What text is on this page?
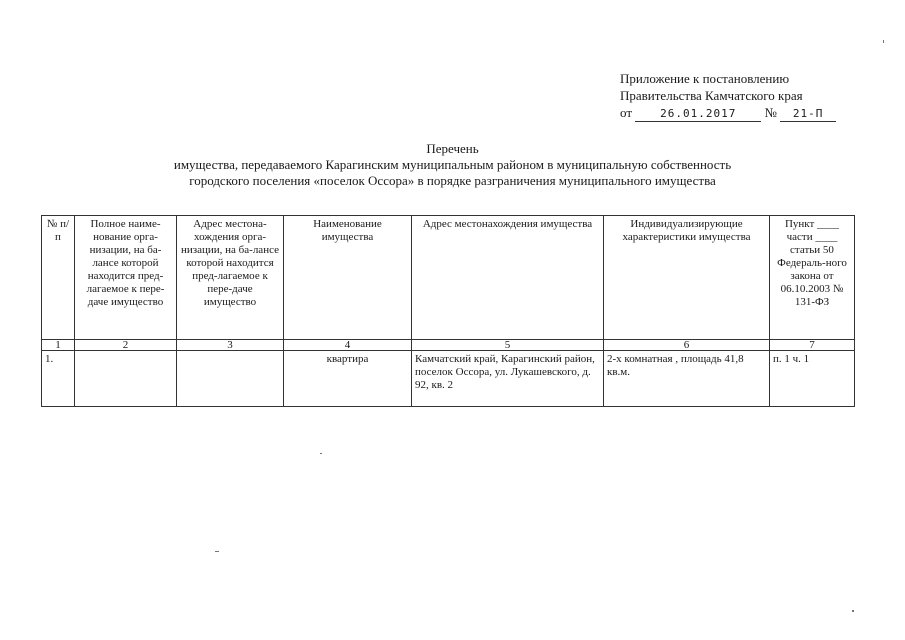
Приложение к постановлению
Правительства Камчатского края
от	26.01.2017 № 21-П
Перечень
имущества, передаваемого Карагинским муниципальным районом в муниципальную собственность
городского поселения «поселок Оссора» в порядке разграничения муниципального имущества
№ п/п	Полное наиме-нование орга-низации, на ба-лансе которой находится пред-лагаемое к пере-даче имущество	Адрес местона-хождения орга-низации, на ба-лансе которой находится пред-лагаемое к пере-даче имущество	Наименование имущества	Адрес местонахождения имущества	Индивидуализирующие характеристики имущества	Пункт ____ части ____ статьи 50 Федераль-ного закона от 06.10.2003 № 131-ФЗ
1	2	3	4	5	6	7
1.			квартира	Камчатский край, Карагинский район, поселок Оссора, ул. Лукашевского, д. 92, кв. 2	2-х комнатная , площадь 41,8 кв.м.	п. 1 ч. 1
